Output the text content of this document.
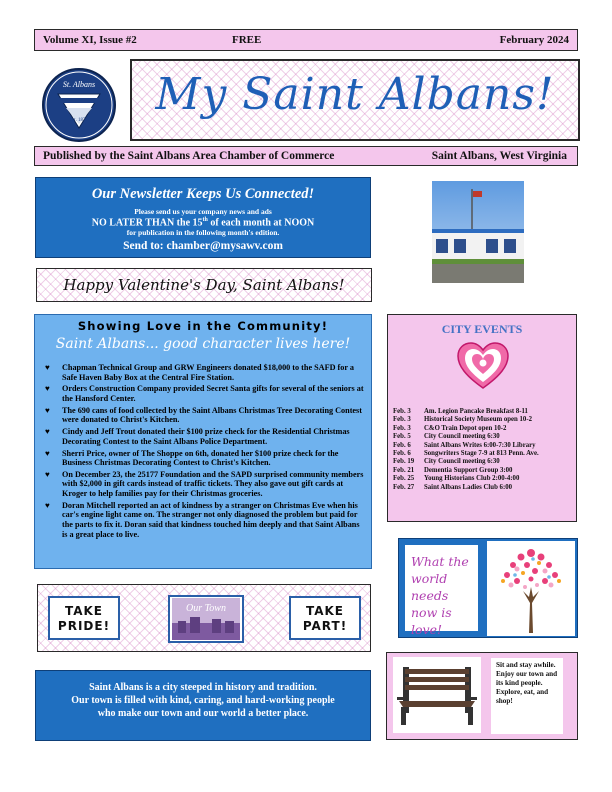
Volume XI, Issue #2	FREE	February 2024
St. Albans
est. 1872
My Saint Albans!
Published by the Saint Albans Area Chamber of Commerce	Saint Albans, West Virginia
Our Newsletter Keeps Us Connected!
Please send us your company news and ads
NO LATER THAN the 15th of each month at NOON
for publication in the following month's edition.
Send to: chamber@mysawv.com
Happy Valentine's Day, Saint Albans!
Showing Love in the Community!
Saint Albans... good character lives here!
♥ Chapman Technical Group and GRW Engineers donated $18,000 to the SAFD for a Safe Haven Baby Box at the Central Fire Station.
♥ Orders Construction Company provided Secret Santa gifts for several of the seniors at the Hansford Center.
♥ The 690 cans of food collected by the Saint Albans Christmas Tree Decorating Contest were donated to Christ's Kitchen.
♥ Cindy and Jeff Trout donated their $100 prize check for the Residential Christmas Decorating Contest to the Saint Albans Police Department.
♥ Sherri Price, owner of The Shoppe on 6th, donated her $100 prize check for the Business Christmas Decorating Contest to Christ's Kitchen.
♥ On December 23, the 25177 Foundation and the SAPD surprised community members with $2,000 in gift cards instead of traffic tickets. They also gave out gift cards at Kroger to help families pay for their Christmas groceries.
♥ Doran Mitchell reported an act of kindness by a stranger on Christmas Eve when his car's engine light came on. The stranger not only diagnosed the problem but paid for the parts to fix it. Doran said that kindness touched him deeply and that Saint Albans is a great place to live.
CITY EVENTS
Feb. 3	Am. Legion Pancake Breakfast 8-11
Feb. 3	Historical Society Museum open 10-2
Feb. 3	C&O Train Depot open 10-2
Feb. 5	City Council meeting 6:30
Feb. 6	Saint Albans Writes 6:00-7:30 Library
Feb. 6	Songwriters Stage 7-9 at 813 Penn. Ave.
Feb. 19	City Council meeting 6:30
Feb. 21	Dementia Support Group 3:00
Feb. 25	Young Historians Club 2:00-4:00
Feb. 27	Saint Albans Ladies Club 6:00
What the world needs now is love!
TAKE
PRIDE!
Our Town	TAKE
PART!

Saint Albans is a city steeped in history and tradition.

Our town is filled with kind, caring, and hard-working people

who make our town and our world a better place.

Sit and stay awhile. Enjoy our town and its kind people. Explore, eat, and shop!
